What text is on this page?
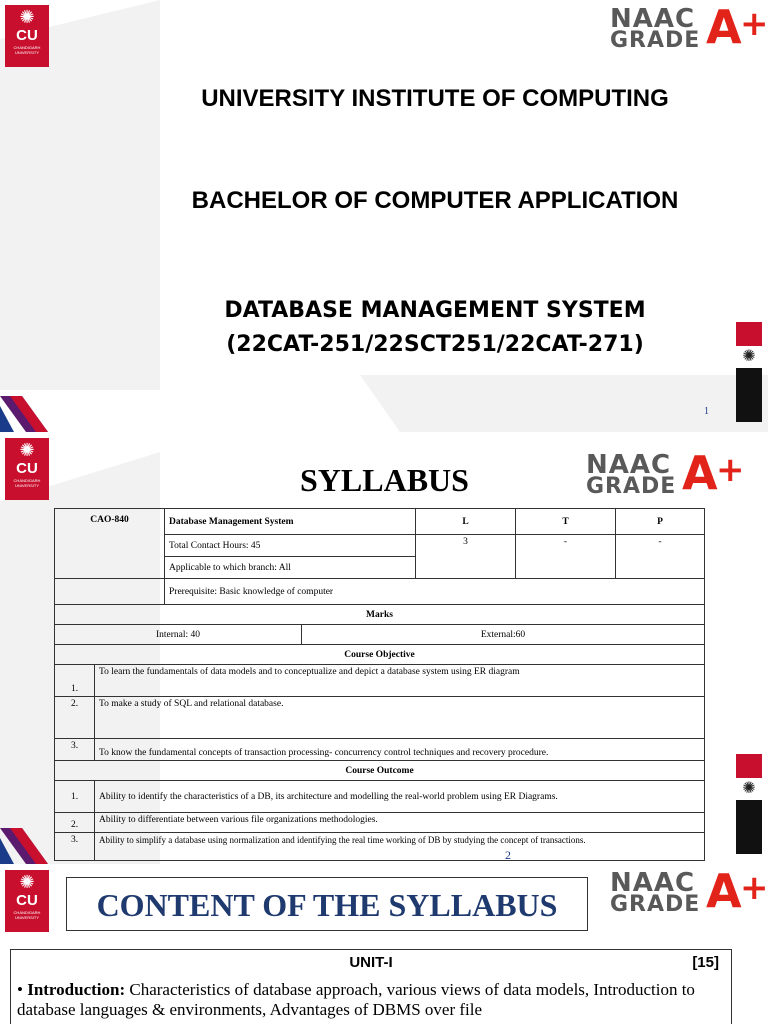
✺
CU
CHANDIGARH UNIVERSITY
NAAC
GRADE A
+
UNIVERSITY INSTITUTE OF COMPUTING
BACHELOR OF COMPUTER APPLICATION
DATABASE MANAGEMENT SYSTEM
(22CAT-251/22SCT251/22CAT-271)	✺
1
✺
CU
CHANDIGARH UNIVERSITY
NAAC
GRADE A
+
SYLLABUS
CAO-840		Database Management System		L	T	P
		Total Contact Hours: 45		3	-	-
		Applicable to which branch: All				
		Prerequisite: Basic knowledge of computer				
Marks						
Internal: 40			External:60			
Course Objective						
1.	To learn the fundamentals of data models and to conceptualize and depict a database system using ER diagram					
2.	To make a study of SQL and relational database.					
3.	To know the fundamental concepts of transaction processing- concurrency control techniques and recovery procedure.					
Course Outcome						
1.	Ability to identify the characteristics of a DB, its architecture and modelling the real-world problem using ER Diagrams.					
2.	Ability to differentiate between various file organizations methodologies.					
3.	Ability to simplify a database using normalization and identifying the real time working of DB by studying the concept of transactions.					
✺
2
✺
CU
CHANDIGARH UNIVERSITY	CONTENT OF THE SYLLABUS
NAAC
GRADE A
+
UNIT-I	[15]
• Introduction: Characteristics of database approach, various views of data models, Introduction to database languages & environments, Advantages of DBMS over file
